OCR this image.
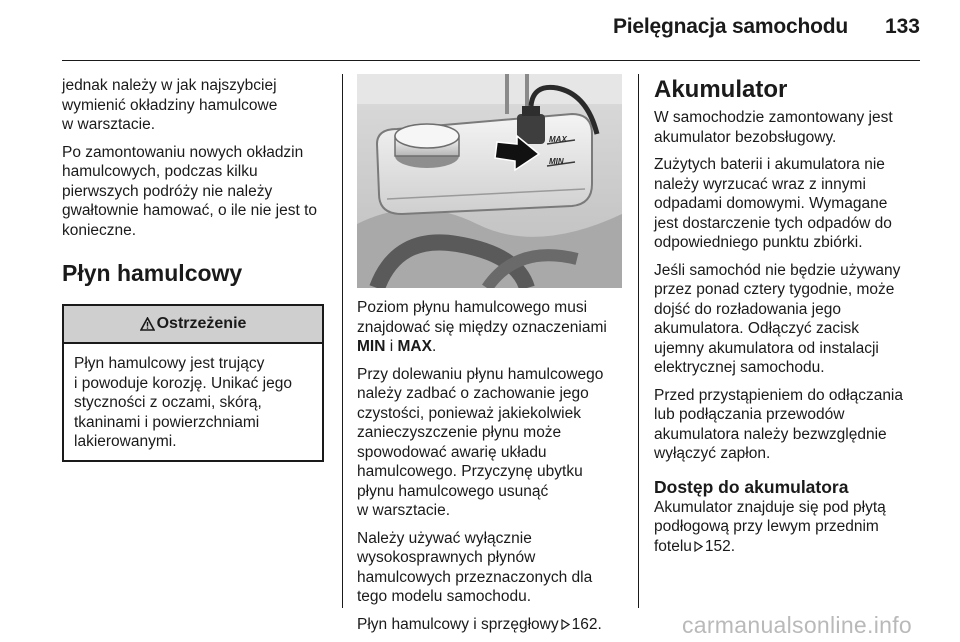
Pielęgnacja samochodu 133

jednak należy w jak najszybciej
wymienić okładziny hamulcowe
w warsztacie.

Po zamontowaniu nowych okładzin
hamulcowych, podczas kilku
pierwszych podróży nie należy
gwałtownie hamować, o ile nie jest to
konieczne.

Płyn hamulcowy
Ostrzeżenie
Płyn hamulcowy jest trujący
i powoduje korozję. Unikać jego
styczności z oczami, skórą,
tkaninami i powierzchniami
lakierowanymi.
MAX
MIN

Poziom płynu hamulcowego musi
znajdować się między oznaczeniami
MIN i MAX.

Przy dolewaniu płynu hamulcowego
należy zadbać o zachowanie jego
czystości, ponieważ jakiekolwiek
zanieczyszczenie płynu może
spowodować awarię układu
hamulcowego. Przyczynę ubytku
płynu hamulcowego usunąć
w warsztacie.

Należy używać wyłącznie
wysokosprawnych płynów
hamulcowych przeznaczonych dla
tego modelu samochodu.

Płyn hamulcowy i sprzęgłowy 162.

Akumulator

W samochodzie zamontowany jest
akumulator bezobsługowy.

Zużytych baterii i akumulatora nie
należy wyrzucać wraz z innymi
odpadami domowymi. Wymagane
jest dostarczenie tych odpadów do
odpowiedniego punktu zbiórki.

Jeśli samochód nie będzie używany
przez ponad cztery tygodnie, może
dojść do rozładowania jego
akumulatora. Odłączyć zacisk
ujemny akumulatora od instalacji
elektrycznej samochodu.

Przed przystąpieniem do odłączania
lub podłączania przewodów
akumulatora należy bezwzględnie
wyłączyć zapłon.

Dostęp do akumulatora

Akumulator znajduje się pod płytą
podłogową przy lewym przednim
fotelu 152.

carmanualsonline.info
